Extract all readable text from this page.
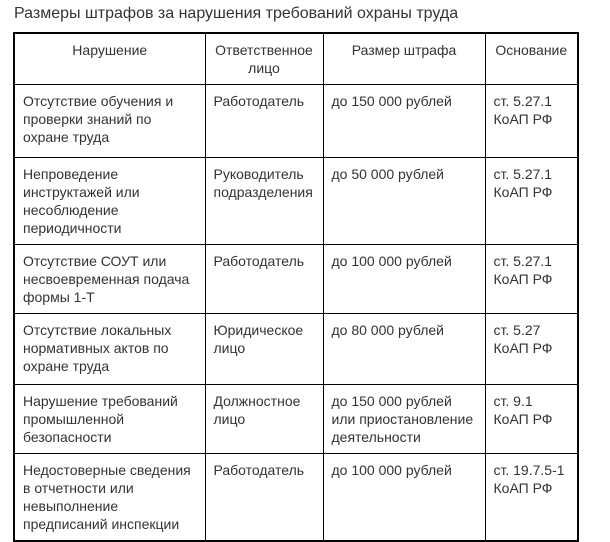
Размеры штрафов за нарушения требований охраны труда
Нарушение	Ответственное лицо	Размер штрафа	Основание
Отсутствие обучения и проверки знаний по охране труда	Работодатель	до 150 000 рублей	ст. 5.27.1 КоАП РФ
Непроведение инструктажей или несоблюдение периодичности	Руководитель подразделения	до 50 000 рублей	ст. 5.27.1 КоАП РФ
Отсутствие СОУТ или несвоевременная подача формы 1-Т	Работодатель	до 100 000 рублей	ст. 5.27.1 КоАП РФ
Отсутствие локальных нормативных актов по охране труда	Юридическое лицо	до 80 000 рублей	ст. 5.27 КоАП РФ
Нарушение требований промышленной безопасности	Должностное лицо	до 150 000 рублей или приостановление деятельности	ст. 9.1 КоАП РФ
Недостоверные сведения в отчетности или невыполнение предписаний инспекции	Работодатель	до 100 000 рублей	ст. 19.7.5-1 КоАП РФ
